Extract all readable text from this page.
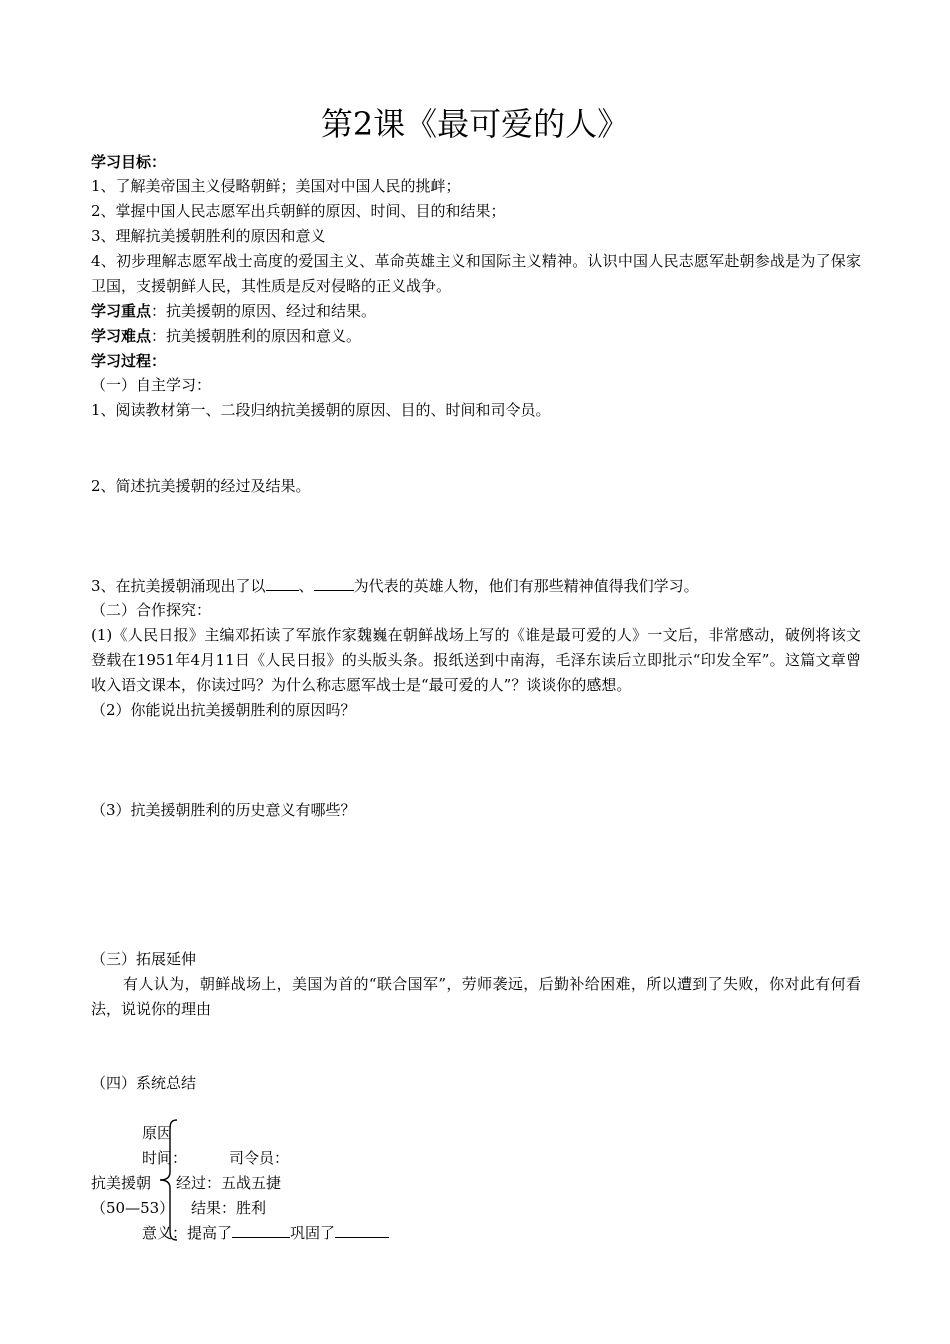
第2课《最可爱的人》
学习目标：
1、了解美帝国主义侵略朝鲜；美国对中国人民的挑衅；
2、掌握中国人民志愿军出兵朝鲜的原因、时间、目的和结果；
3、理解抗美援朝胜利的原因和意义
4、初步理解志愿军战士高度的爱国主义、革命英雄主义和国际主义精神。认识中国人民志愿军赴朝参战是为了保家卫国，支援朝鲜人民，其性质是反对侵略的正义战争。
学习重点：抗美援朝的原因、经过和结果。
学习难点：抗美援朝胜利的原因和意义。
学习过程：
（一）自主学习：
1、阅读教材第一、二段归纳抗美援朝的原因、目的、时间和司令员。
2、简述抗美援朝的经过及结果。
3、在抗美援朝涌现出了以 、	为代表的英雄人物，他们有那些精神值得我们学习。
（二）合作探究：
(1)《人民日报》主编邓拓读了军旅作家魏巍在朝鲜战场上写的《谁是最可爱的人》一文后，非常感动，破例将该文登载在1951年4月11日《人民日报》的头版头条。报纸送到中南海，毛泽东读后立即批示“印发全军”。这篇文章曾收入语文课本，你读过吗？为什么称志愿军战士是“最可爱的人”？谈谈你的感想。
（2）你能说出抗美援朝胜利的原因吗？
（3）抗美援朝胜利的历史意义有哪些？
（三）拓展延伸
有人认为，朝鲜战场上，美国为首的“联合国军”，劳师袭远，后勤补给困难，所以遭到了失败，你对此有何看法，说说你的理由
（四）系统总结
原因
时间：	司令员：
抗美援朝 经过：五战五捷
（50—53） 结果：胜利
意义：提高了	巩固了
